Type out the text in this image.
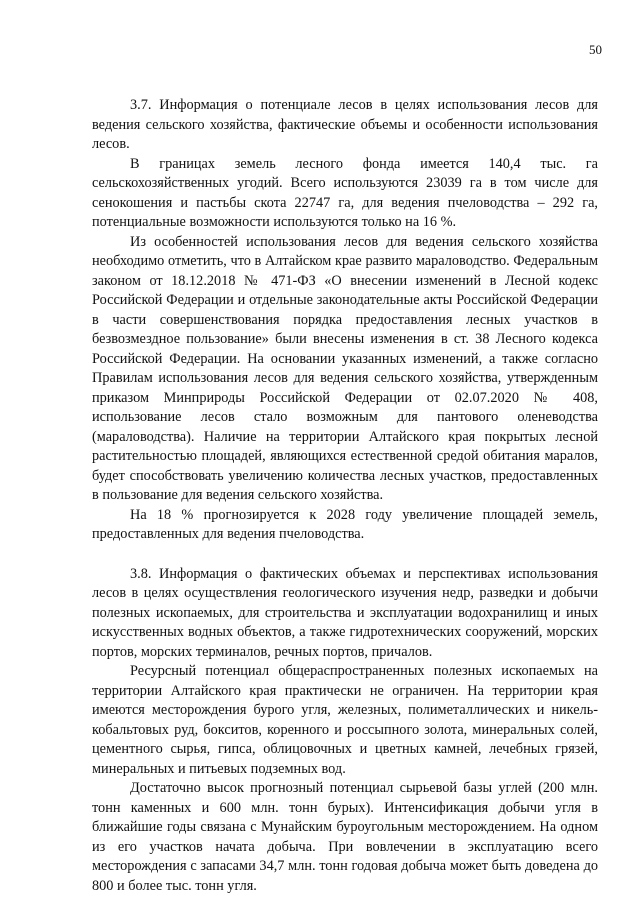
50

3.7. Информация о потенциале лесов в целях использования лесов для ведения сельского хозяйства, фактические объемы и особенности использования лесов.

В границах земель лесного фонда имеется 140,4 тыс. га сельскохозяйственных угодий. Всего используются 23039 га в том числе для сенокошения и пастьбы скота 22747 га, для ведения пчеловодства – 292 га, потенциальные возможности используются только на 16 %.

Из особенностей использования лесов для ведения сельского хозяйства необходимо отметить, что в Алтайском крае развито мараловодство. Федеральным законом от 18.12.2018 № 471-ФЗ «О внесении изменений в Лесной кодекс Российской Федерации и отдельные законодательные акты Российской Федерации в части совершенствования порядка предоставления лесных участков в безвозмездное пользование» были внесены изменения в ст. 38 Лесного кодекса Российской Федерации. На основании указанных изменений, а также согласно Правилам использования лесов для ведения сельского хозяйства, утвержденным приказом Минприроды Российской Федерации от 02.07.2020 № 408, использование лесов стало возможным для пантового оленеводства (мараловодства). Наличие на территории Алтайского края покрытых лесной растительностью площадей, являющихся естественной средой обитания маралов, будет способствовать увеличению количества лесных участков, предоставленных в пользование для ведения сельского хозяйства.

На 18 % прогнозируется к 2028 году увеличение площадей земель, предоставленных для ведения пчеловодства.

3.8. Информация о фактических объемах и перспективах использования лесов в целях осуществления геологического изучения недр, разведки и добычи полезных ископаемых, для строительства и эксплуатации водохранилищ и иных искусственных водных объектов, а также гидротехнических сооружений, морских портов, морских терминалов, речных портов, причалов.

Ресурсный потенциал общераспространенных полезных ископаемых на территории Алтайского края практически не ограничен. На территории края имеются месторождения бурого угля, железных, полиметаллических и никель-кобальтовых руд, бокситов, коренного и россыпного золота, минеральных солей, цементного сырья, гипса, облицовочных и цветных камней, лечебных грязей, минеральных и питьевых подземных вод.

Достаточно высок прогнозный потенциал сырьевой базы углей (200 млн. тонн каменных и 600 млн. тонн бурых). Интенсификация добычи угля в ближайшие годы связана с Мунайским буроугольным месторождением. На одном из его участков начата добыча. При вовлечении в эксплуатацию всего месторождения с запасами 34,7 млн. тонн годовая добыча может быть доведена до 800 и более тыс. тонн угля.
